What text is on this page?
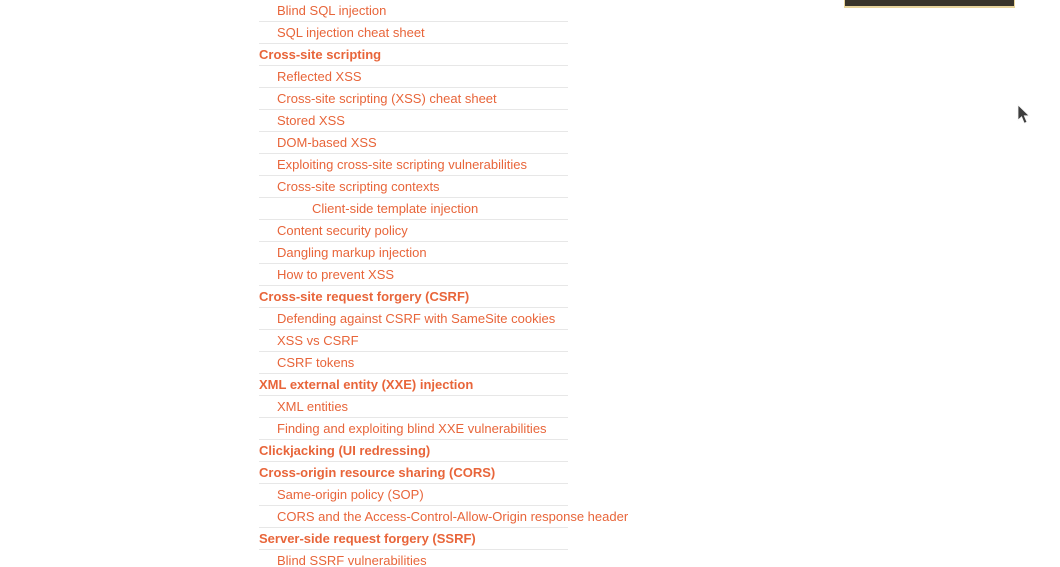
Blind SQL injection
SQL injection cheat sheet
Cross-site scripting
Reflected XSS
Cross-site scripting (XSS) cheat sheet
Stored XSS
DOM-based XSS
Exploiting cross-site scripting vulnerabilities
Cross-site scripting contexts
Client-side template injection
Content security policy
Dangling markup injection
How to prevent XSS
Cross-site request forgery (CSRF)
Defending against CSRF with SameSite cookies
XSS vs CSRF
CSRF tokens
XML external entity (XXE) injection
XML entities
Finding and exploiting blind XXE vulnerabilities
Clickjacking (UI redressing)
Cross-origin resource sharing (CORS)
Same-origin policy (SOP)
CORS and the Access-Control-Allow-Origin response header
Server-side request forgery (SSRF)
Blind SSRF vulnerabilities
